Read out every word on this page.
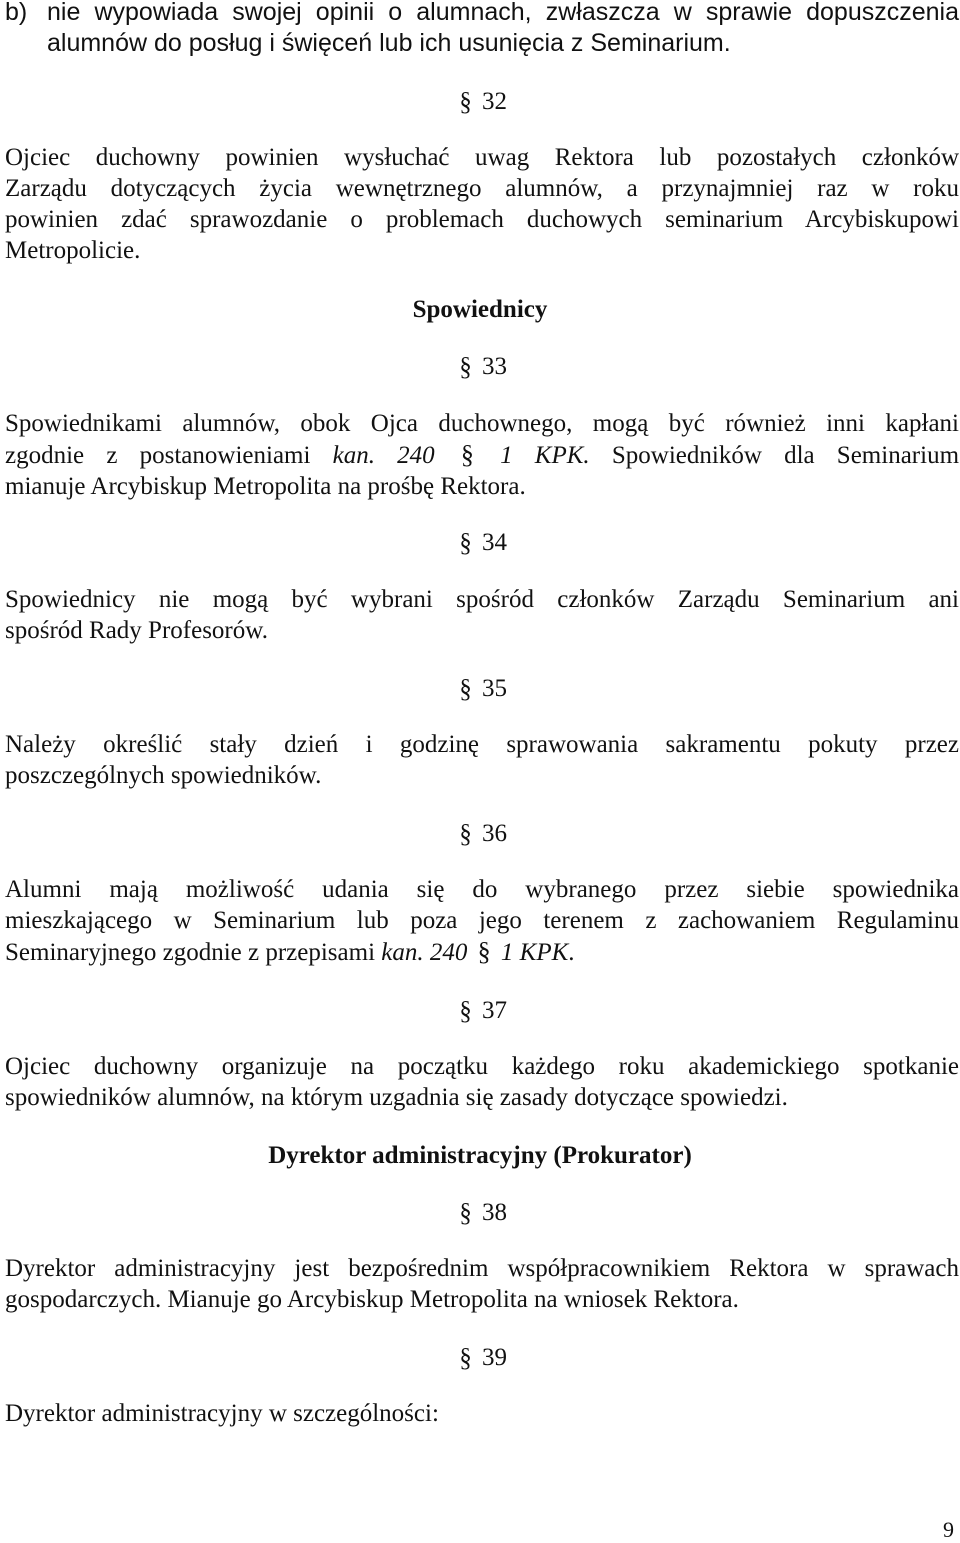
b) nie wypowiada swojej opinii o alumnach, zwłaszcza w sprawie dopuszczenia alumnów do posług i święceń lub ich usunięcia z Seminarium.
§ 32
Ojciec duchowny powinien wysłuchać uwag Rektora lub pozostałych członków
Zarządu dotyczących życia wewnętrznego alumnów, a przynajmniej raz w roku
powinien zdać sprawozdanie o problemach duchowych seminarium Arcybiskupowi
Metropolicie.
Spowiednicy
§ 33
Spowiednikami alumnów, obok Ojca duchownego, mogą być również inni kapłani
zgodnie z postanowieniami kan. 240 § 1 KPK. Spowiedników dla Seminarium
mianuje Arcybiskup Metropolita na prośbę Rektora.
§ 34
Spowiednicy nie mogą być wybrani spośród członków Zarządu Seminarium ani
spośród Rady Profesorów.
§ 35
Należy określić stały dzień i godzinę sprawowania sakramentu pokuty przez
poszczególnych spowiedników.
§ 36
Alumni mają możliwość udania się do wybranego przez siebie spowiednika
mieszkającego w Seminarium lub poza jego terenem z zachowaniem Regulaminu
Seminaryjnego zgodnie z przepisami kan. 240 § 1 KPK.
§ 37
Ojciec duchowny organizuje na początku każdego roku akademickiego spotkanie
spowiedników alumnów, na którym uzgadnia się zasady dotyczące spowiedzi.
Dyrektor administracyjny (Prokurator)
§ 38
Dyrektor administracyjny jest bezpośrednim współpracownikiem Rektora w sprawach
gospodarczych. Mianuje go Arcybiskup Metropolita na wniosek Rektora.
§ 39
Dyrektor administracyjny w szczególności:
9
